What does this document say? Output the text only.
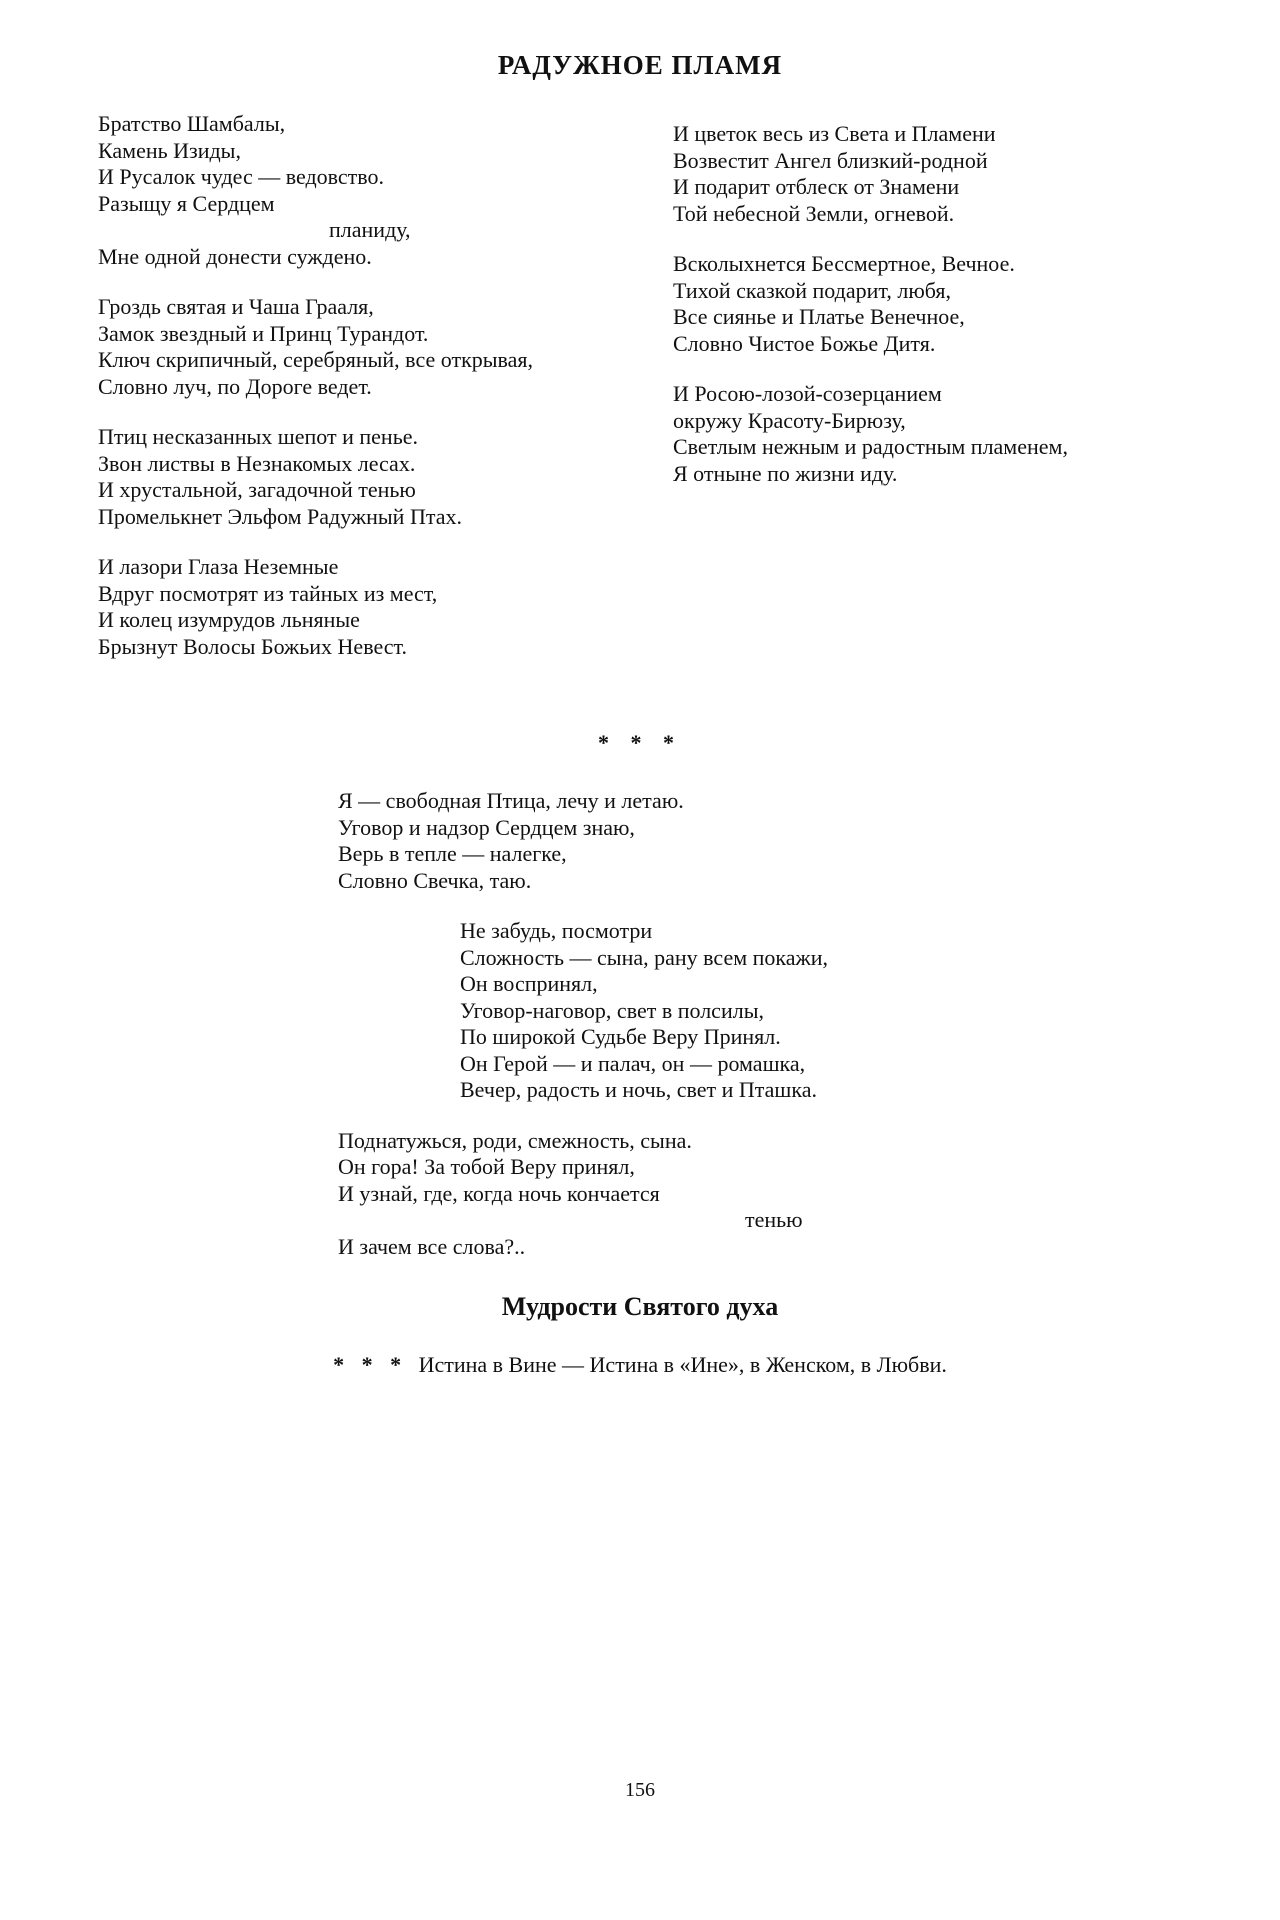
РАДУЖНОЕ ПЛАМЯ
Братство Шамбалы,
Камень Изиды,
И Русалок чудес — ведовство.
Разыщу я Сердцем
планиду,
Мне одной донести суждено.
Гроздь святая и Чаша Грааля,
Замок звездный и Принц Турандот.
Ключ скрипичный, серебряный, все открывая,
Словно луч, по Дороге ведет.
Птиц несказанных шепот и пенье.
Звон листвы в Незнакомых лесах.
И хрустальной, загадочной тенью
Промелькнет Эльфом Радужный Птах.
И лазори Глаза Неземные
Вдруг посмотрят из тайных из мест,
И колец изумрудов льняные
Брызнут Волосы Божьих Невест.
И цветок весь из Света и Пламени
Возвестит Ангел близкий-родной
И подарит отблеск от Знамени
Той небесной Земли, огневой.
Всколыхнется Бессмертное, Вечное.
Тихой сказкой подарит, любя,
Все сиянье и Платье Венечное,
Словно Чистое Божье Дитя.
И Росою-лозой-созерцанием
окружу Красоту-Бирюзу,
Светлым нежным и радостным пламенем,
Я отныне по жизни иду.
* * *
Я — свободная Птица, лечу и летаю.
Уговор и надзор Сердцем знаю,
Верь в тепле — налегке,
Словно Свечка, таю.
Не забудь, посмотри
Сложность — сына, рану всем покажи,
Он воспринял,
Уговор-наговор, свет в полсилы,
По широкой Судьбе Веру Принял.
Он Герой — и палач, он — ромашка,
Вечер, радость и ночь, свет и Пташка.
Поднатужься, роди, смежность, сына.
Он гора! За тобой Веру принял,
И узнай, где, когда ночь кончается
тенью
И зачем все слова?..
Мудрости Святого духа
* * * Истина в Вине — Истина в «Ине», в Женском, в Любви.
156
